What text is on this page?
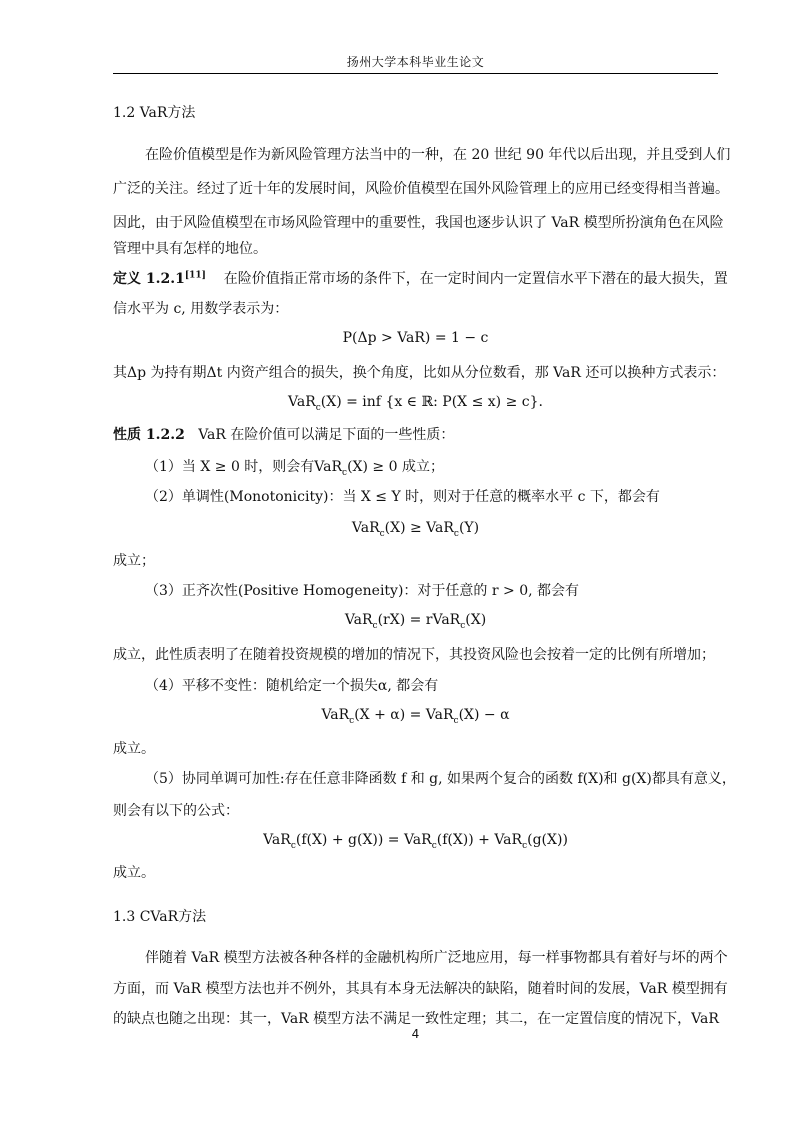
扬州大学本科毕业生论文
1.2 VaR方法
在险价值模型是作为新风险管理方法当中的一种，在 20 世纪 90 年代以后出现，并且受到人们
广泛的关注。经过了近十年的发展时间，风险价值模型在国外风险管理上的应用已经变得相当普遍。
因此，由于风险值模型在市场风险管理中的重要性，我国也逐步认识了 VaR 模型所扮演角色在风险
管理中具有怎样的地位。
定义 1.2.1[11] 在险价值指正常市场的条件下，在一定时间内一定置信水平下潜在的最大损失，置
信水平为 c, 用数学表示为：
P(Δp > VaR) = 1 − c
其Δp 为持有期Δt 内资产组合的损失，换个角度，比如从分位数看，那 VaR 还可以换种方式表示：
VaR$_c$(X) = inf {x ∈ ℝ: P(X ≤ x) ≥ c}.
性质 1.2.2 VaR 在险价值可以满足下面的一些性质：
（1）当 X ≥ 0 时，则会有VaR$_c$(X) ≥ 0 成立；
（2）单调性(Monotonicity)：当 X ≤ Y 时，则对于任意的概率水平 c 下，都会有
VaR$_c$(X) ≥ VaR$_c$(Y)
成立；
（3）正齐次性(Positive Homogeneity)：对于任意的 r > 0, 都会有
VaR$_c$(rX) = rVaR$_c$(X)
成立，此性质表明了在随着投资规模的增加的情况下，其投资风险也会按着一定的比例有所增加；
（4）平移不变性：随机给定一个损失α, 都会有
VaR$_c$(X + α) = VaR$_c$(X) − α
成立。
（5）协同单调可加性:存在任意非降函数 f 和 g, 如果两个复合的函数 f(X)和 g(X)都具有意义，
则会有以下的公式：
VaR$_c$(f(X) + g(X)) = VaR$_c$(f(X)) + VaR$_c$(g(X))
成立。
1.3 CVaR方法
伴随着 VaR 模型方法被各种各样的金融机构所广泛地应用，每一样事物都具有着好与坏的两个
方面，而 VaR 模型方法也并不例外，其具有本身无法解决的缺陷，随着时间的发展，VaR 模型拥有
的缺点也随之出现：其一，VaR 模型方法不满足一致性定理；其二，在一定置信度的情况下，VaR
4
